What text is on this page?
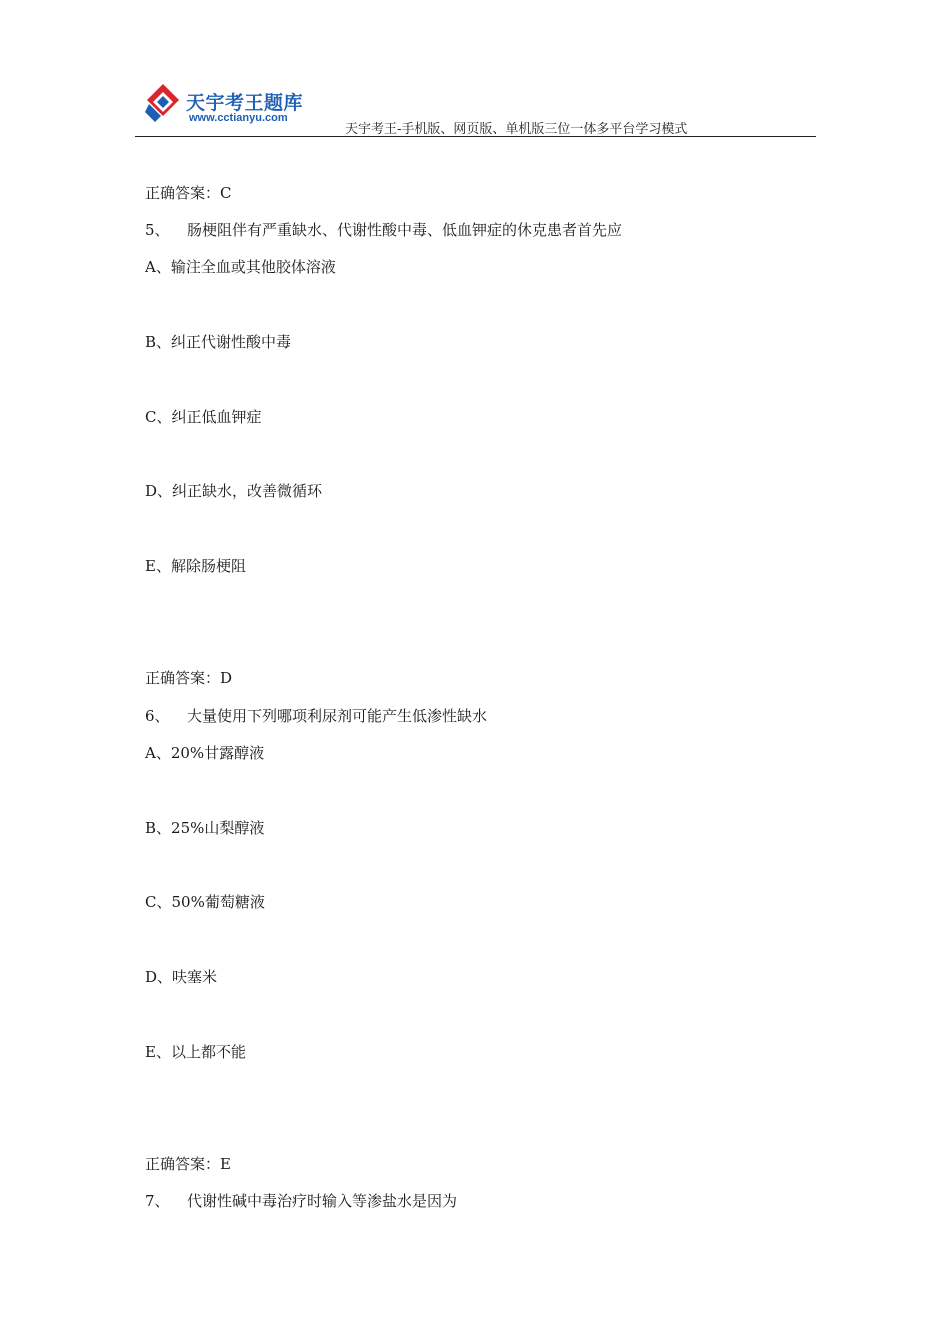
天宇考王题库
www.cctianyu.com
天宇考王-手机版、网页版、单机版三位一体多平台学习模式
正确答案：C
5、 肠梗阻伴有严重缺水、代谢性酸中毒、低血钾症的休克患者首先应
A、输注全血或其他胶体溶液
B、纠正代谢性酸中毒
C、纠正低血钾症
D、纠正缺水，改善微循环
E、解除肠梗阻
正确答案：D
6、 大量使用下列哪项利尿剂可能产生低渗性缺水
A、20%甘露醇液
B、25%山梨醇液
C、50%葡萄糖液
D、呋塞米
E、以上都不能
正确答案：E
7、 代谢性碱中毒治疗时输入等渗盐水是因为
